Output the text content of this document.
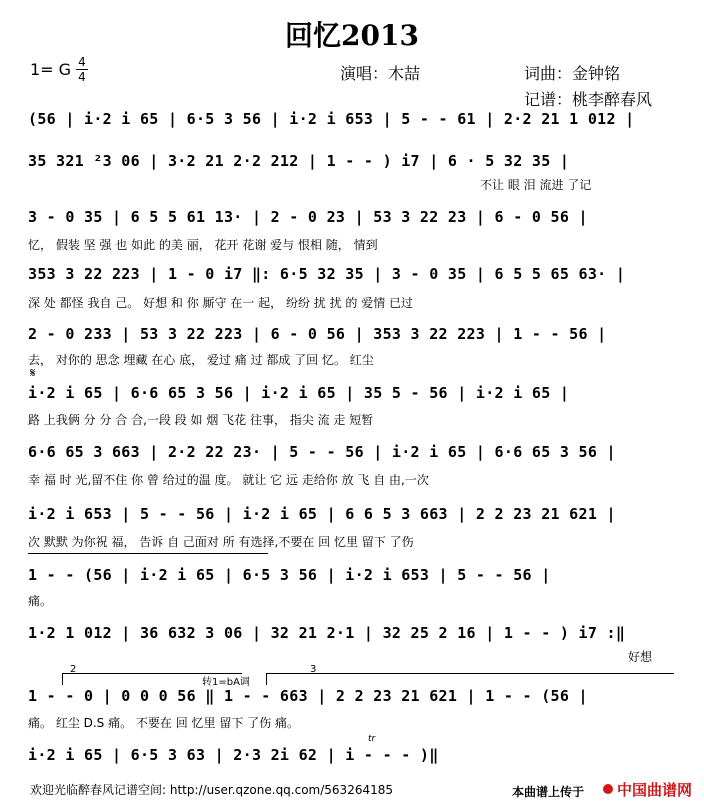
回忆2013
1= G 4
4	演唱：木喆	词曲：金钟铭
记谱：桃李醉春风
(56 | i·2 i 65 | 6·5 3 56 | i·2 i 653 | 5 - - 61 | 2·2 21 1 012 |
35 321 ²3 06 | 3·2 21 2·2 212 | 1 - - ) i7 | 6 · 5 32 35 |
不让 眼 泪 流进 了记
3 - 0 35 | 6 5 5 61 13· | 2 - 0 23 | 53 3 22 23 | 6 - 0 56 |
忆， 假装 坚 强 也 如此 的美 丽， 花开 花谢 爱与 恨相 随， 情到
353 3 22 223 | 1 - 0 i7 ‖: 6·5 32 35 | 3 - 0 35 | 6 5 5 65 63· |
深 处 都怪 我自 己。 好想 和 你 厮守 在一 起， 纷纷 扰 扰 的 爱情 已过
2 - 0 233 | 53 3 22 223 | 6 - 0 56 | 353 3 22 223 | 1 - - 56 |
去， 对你的 思念 埋藏 在心 底， 爱过 痛 过 都成 了回 忆。 红尘
𝄋
i·2 i 65 | 6·6 65 3 56 | i·2 i 65 | 35 5 - 56 | i·2 i 65 |
路 上我俩 分 分 合 合,一段 段 如 烟 飞花 往事， 指尖 流 走 短暂
6·6 65 3 663 | 2·2 22 23· | 5 - - 56 | i·2 i 65 | 6·6 65 3 56 |
幸 福 时 光,留不住 你 曾 给过的温 度。 就让 它 远 走给你 放 飞 自 由,一次
i·2 i 653 | 5 - - 56 | i·2 i 65 | 6 6 5 3 663 | 2 2 23 21 621 |
次 默默 为你祝 福， 告诉 自 己面对 所 有选择,不要在 回 忆里 留下 了伤
1 - - (56 | i·2 i 65 | 6·5 3 56 | i·2 i 653 | 5 - - 56 |
痛。
1·2 1 012 | 36 632 3 06 | 32 21 2·1 | 32 25 2 16 | 1 - - ) i7 :‖
好想
2
转1=bA调
3
1 - - 0 | 0 0 0 56 ‖ 1 - - 663 | 2 2 23 21 621 | 1 - - (56 |
痛。 红尘 D.S 痛。 不要在 回 忆里 留下 了伤 痛。
tr
i·2 i 65 | 6·5 3 63 | 2·3 2i 62 | i - - - )‖
欢迎光临醉春风记谱空间: http://user.qzone.qq.com/563264185	本曲谱上传于 中国曲谱网
